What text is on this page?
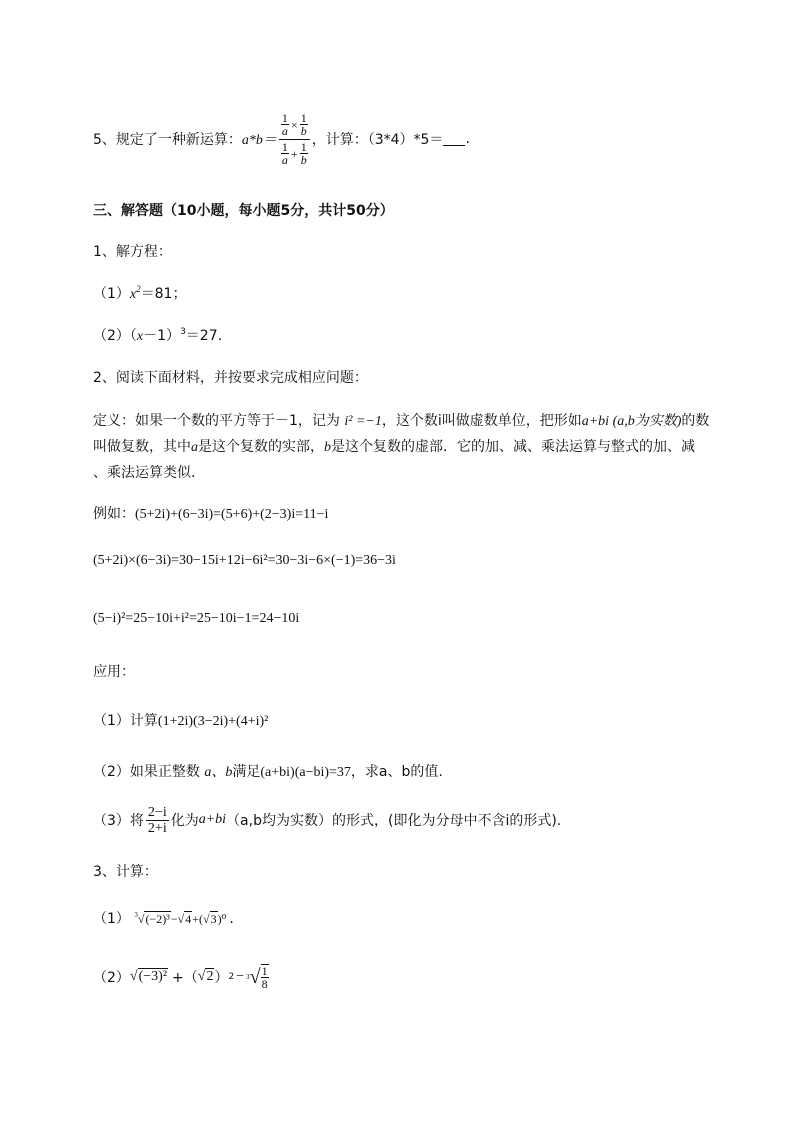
5、规定了一种新运算： $a*b= \frac{\frac{1}{a} \times \frac{1}{b}}{\frac{1}{a} + \frac{1}{b}}$ ，计算：（3*4）*5＝ .
三、解答题（10小题，每小题5分，共计50分）
1、解方程：
$(1)x^2=81$；
$(2)(x-1)^3=27$.
2、阅读下面材料，并按要求完成相应问题：
定义：如果一个数的平方等于－1，记为 i² =−1，这个数i叫做虚数单位，把形如a+bi (a,b为实数)的数
叫做复数，其中a是这个复数的实部，b是这个复数的虚部．它的加、减、乘法运算与整式的加、减
、乘法运算类似．
例如：(5+2i)+(6−3i)=(5+6)+(2−3)i=11−i
(5+2i)×(6−3i)=30−15i+12i−6i²=30−3i−6×(−1)=36−3i
(5−i)²=25−10i+i²=25−10i−1=24−10i
应用：
（1）计算(1+2i)(3−2i)+(4+i)²
（2）如果正整数 a、b满足(a+bi)(a−bi)=37，求a、b的值.
（3）将 $\frac{2-i}{2+i}$ 化为 a+bi （a,b均为实数）的形式，(即化为分母中不含i的形式).
3、计算：
（1） $^3$√(−2)³−√4+(√3)⁰ .
（2） √(−3)² +（ √2 ） 2 − 3 √ $\frac{1}{8}$
